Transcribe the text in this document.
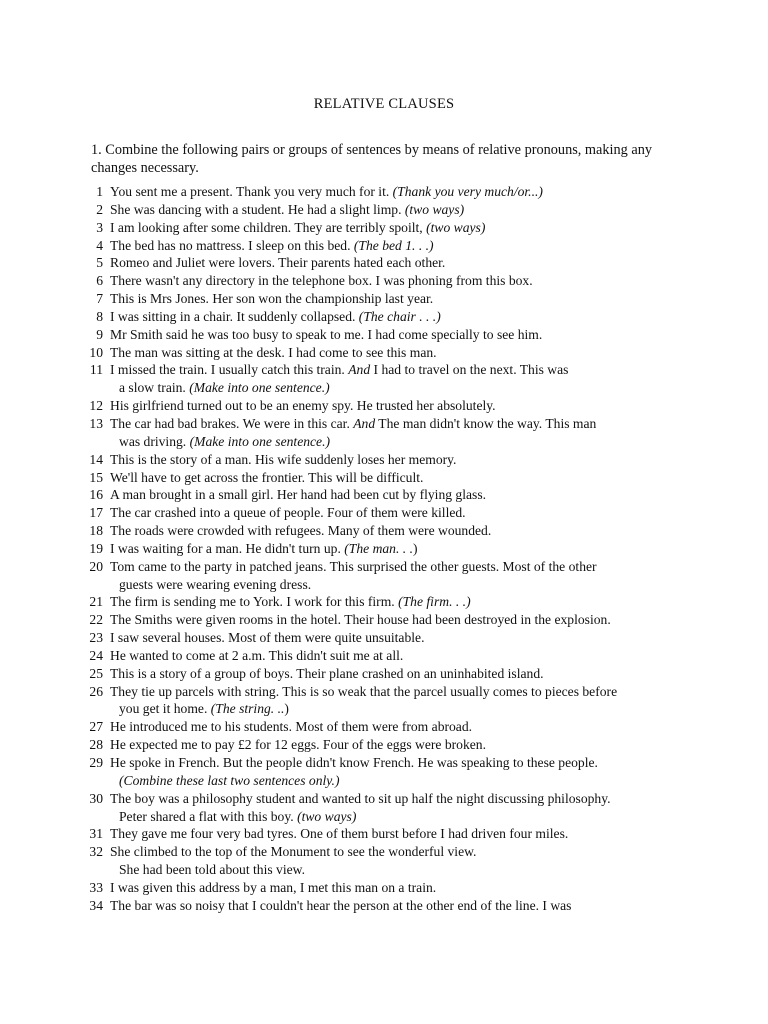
RELATIVE CLAUSES
1. Combine the following pairs or groups of sentences by means of relative pronouns, making any changes necessary.
1 You sent me a present. Thank you very much for it. (Thank you very much/or...)
2 She was dancing with a student. He had a slight limp. (two ways)
3 I am looking after some children. They are terribly spoilt, (two ways)
4 The bed has no mattress. I sleep on this bed. (The bed 1. . .)
5 Romeo and Juliet were lovers. Their parents hated each other.
6 There wasn't any directory in the telephone box. I was phoning from this box.
7 This is Mrs Jones. Her son won the championship last year.
8 I was sitting in a chair. It suddenly collapsed. (The chair . . .)
9 Mr Smith said he was too busy to speak to me. I had come specially to see him.
10 The man was sitting at the desk. I had come to see this man.
11 I missed the train. I usually catch this train. And I had to travel on the next. This was
a slow train. (Make into one sentence.)
12 His girlfriend turned out to be an enemy spy. He trusted her absolutely.
13 The car had bad brakes. We were in this car. And The man didn't know the way. This man
was driving. (Make into one sentence.)
14 This is the story of a man. His wife suddenly loses her memory.
15 We'll have to get across the frontier. This will be difficult.
16 A man brought in a small girl. Her hand had been cut by flying glass.
17 The car crashed into a queue of people. Four of them were killed.
18 The roads were crowded with refugees. Many of them were wounded.
19 I was waiting for a man. He didn't turn up. (The man. . .)
20 Tom came to the party in patched jeans. This surprised the other guests. Most of the other
guests were wearing evening dress.
21 The firm is sending me to York. I work for this firm. (The firm. . .)
22 The Smiths were given rooms in the hotel. Their house had been destroyed in the explosion.
23 I saw several houses. Most of them were quite unsuitable.
24 He wanted to come at 2 a.m. This didn't suit me at all.
25 This is a story of a group of boys. Their plane crashed on an uninhabited island.
26 They tie up parcels with string. This is so weak that the parcel usually comes to pieces before
you get it home. (The string. ..)
27 He introduced me to his students. Most of them were from abroad.
28 He expected me to pay £2 for 12 eggs. Four of the eggs were broken.
29 He spoke in French. But the people didn't know French. He was speaking to these people.
(Combine these last two sentences only.)
30 The boy was a philosophy student and wanted to sit up half the night discussing philosophy.
Peter shared a flat with this boy. (two ways)
31 They gave me four very bad tyres. One of them burst before I had driven four miles.
32 She climbed to the top of the Monument to see the wonderful view.
She had been told about this view.
33 I was given this address by a man, I met this man on a train.
34 The bar was so noisy that I couldn't hear the person at the other end of the line. I was
